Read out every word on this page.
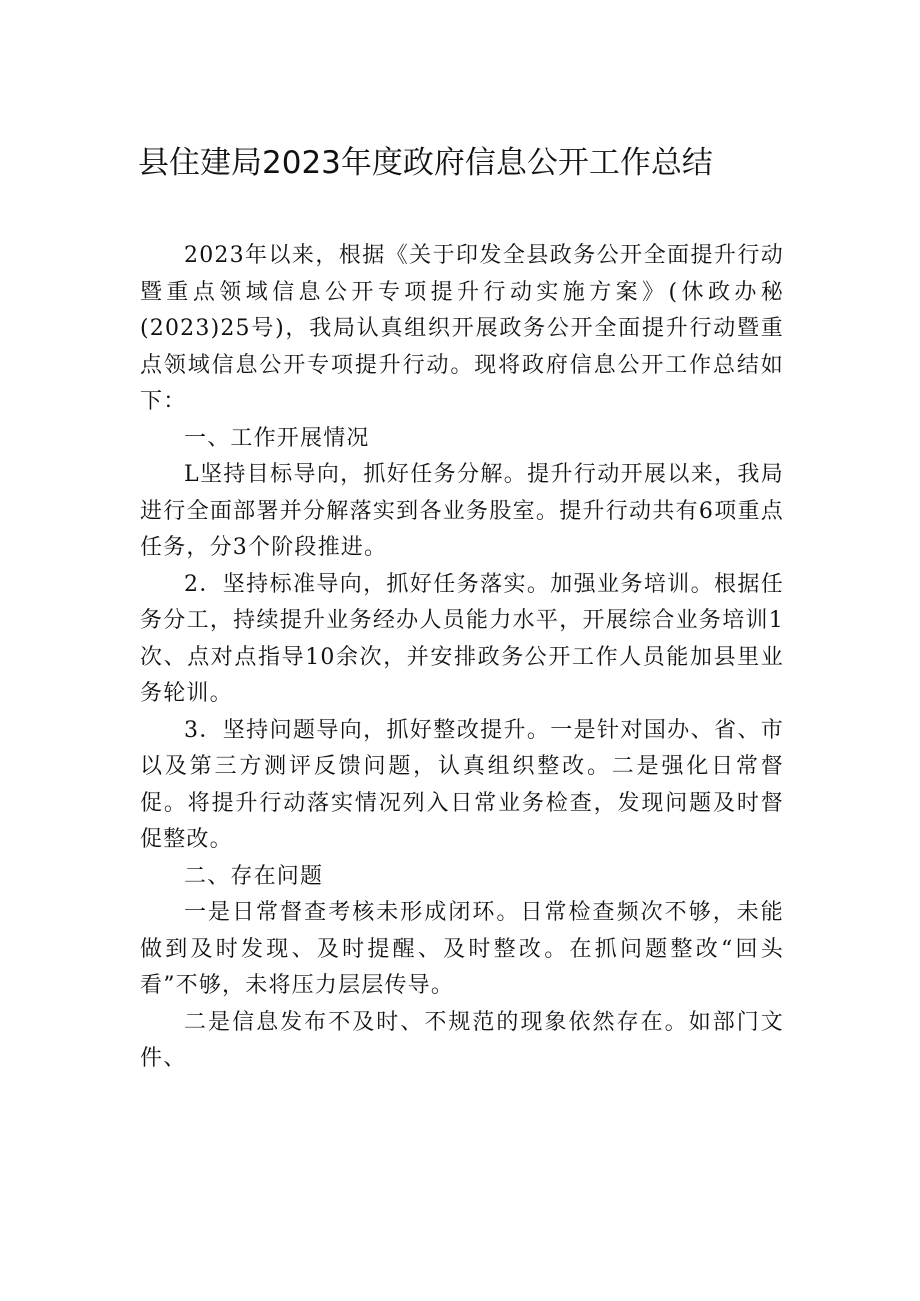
县住建局2023年度政府信息公开工作总结

2023年以来，根据《关于印发全县政务公开全面提升行动暨重点领域信息公开专项提升行动实施方案》(休政办秘(2023)25号)，我局认真组织开展政务公开全面提升行动暨重点领域信息公开专项提升行动。现将政府信息公开工作总结如下：

一、工作开展情况

L坚持目标导向，抓好任务分解。提升行动开展以来，我局进行全面部署并分解落实到各业务股室。提升行动共有6项重点任务，分3个阶段推进。

2．坚持标准导向，抓好任务落实。加强业务培训。根据任务分工，持续提升业务经办人员能力水平，开展综合业务培训1次、点对点指导10余次，并安排政务公开工作人员能加县里业务轮训。

3．坚持问题导向，抓好整改提升。一是针对国办、省、市以及第三方测评反馈问题，认真组织整改。二是强化日常督促。将提升行动落实情况列入日常业务检查，发现问题及时督促整改。

二、存在问题

一是日常督查考核未形成闭环。日常检查频次不够，未能做到及时发现、及时提醒、及时整改。在抓问题整改“回头看”不够，未将压力层层传导。

二是信息发布不及时、不规范的现象依然存在。如部门文件、
